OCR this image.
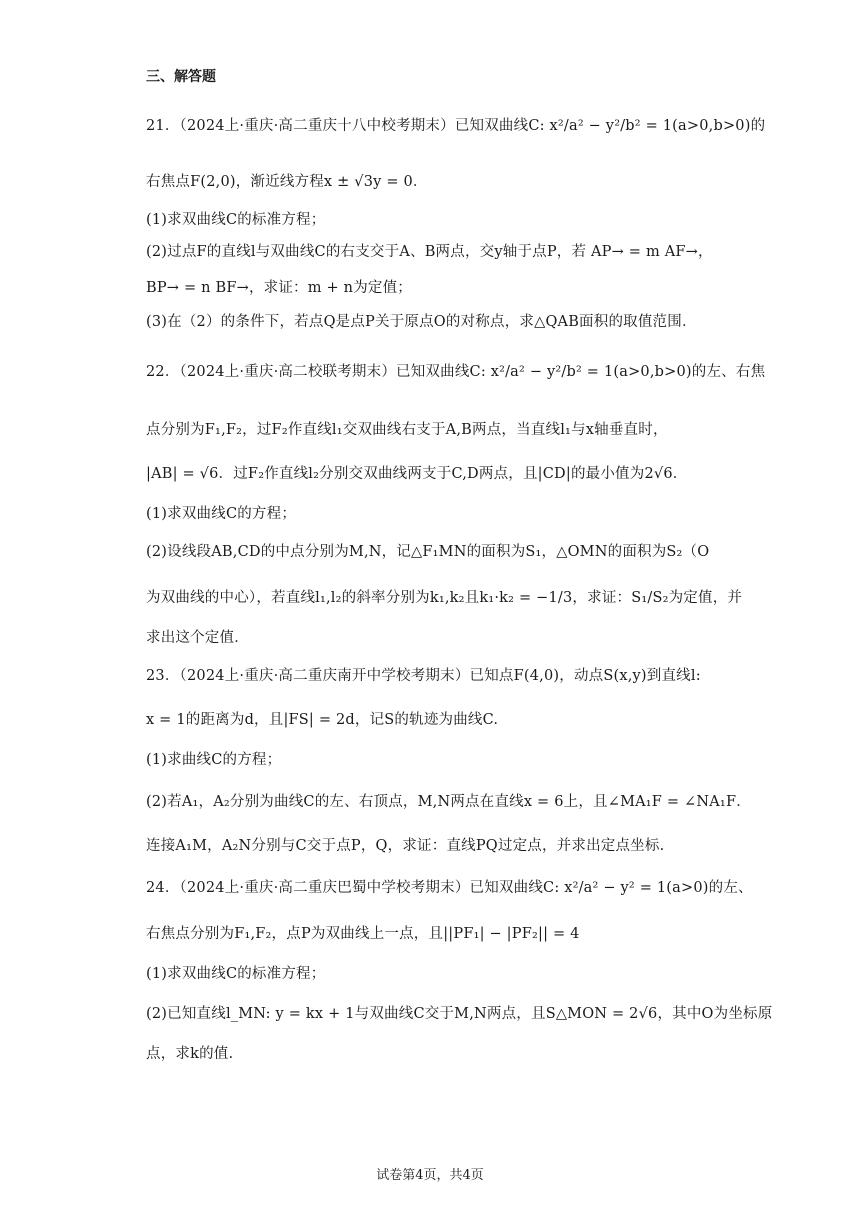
三、解答题
21．（2024上·重庆·高二重庆十八中校考期末）已知双曲线C: x²/a² − y²/b² = 1(a>0,b>0)的
右焦点F(2,0)，渐近线方程x ± √3y = 0．
(1)求双曲线C的标准方程；
(2)过点F的直线l与双曲线C的右支交于A、B两点，交y轴于点P，若 AP→ = m AF→，
BP→ = n BF→，求证：m + n为定值；
(3)在（2）的条件下，若点Q是点P关于原点O的对称点，求△QAB面积的取值范围．
22．（2024上·重庆·高二校联考期末）已知双曲线C: x²/a² − y²/b² = 1(a>0,b>0)的左、右焦
点分别为F₁,F₂，过F₂作直线l₁交双曲线右支于A,B两点，当直线l₁与x轴垂直时，
|AB| = √6．过F₂作直线l₂分别交双曲线两支于C,D两点，且|CD|的最小值为2√6．
(1)求双曲线C的方程；
(2)设线段AB,CD的中点分别为M,N，记△F₁MN的面积为S₁，△OMN的面积为S₂（O
为双曲线的中心），若直线l₁,l₂的斜率分别为k₁,k₂且k₁·k₂ = −1/3，求证：S₁/S₂为定值，并
求出这个定值．
23．（2024上·重庆·高二重庆南开中学校考期末）已知点F(4,0)，动点S(x,y)到直线l:
x = 1的距离为d，且|FS| = 2d，记S的轨迹为曲线C.
(1)求曲线C的方程；
(2)若A₁，A₂分别为曲线C的左、右顶点，M,N两点在直线x = 6上，且∠MA₁F = ∠NA₁F．
连接A₁M，A₂N分别与C交于点P，Q，求证：直线PQ过定点，并求出定点坐标.
24．（2024上·重庆·高二重庆巴蜀中学校考期末）已知双曲线C: x²/a² − y² = 1(a>0)的左、
右焦点分别为F₁,F₂，点P为双曲线上一点，且||PF₁| − |PF₂|| = 4
(1)求双曲线C的标准方程；
(2)已知直线l_MN: y = kx + 1与双曲线C交于M,N两点，且S△MON = 2√6，其中O为坐标原
点，求k的值.
试卷第4页，共4页
